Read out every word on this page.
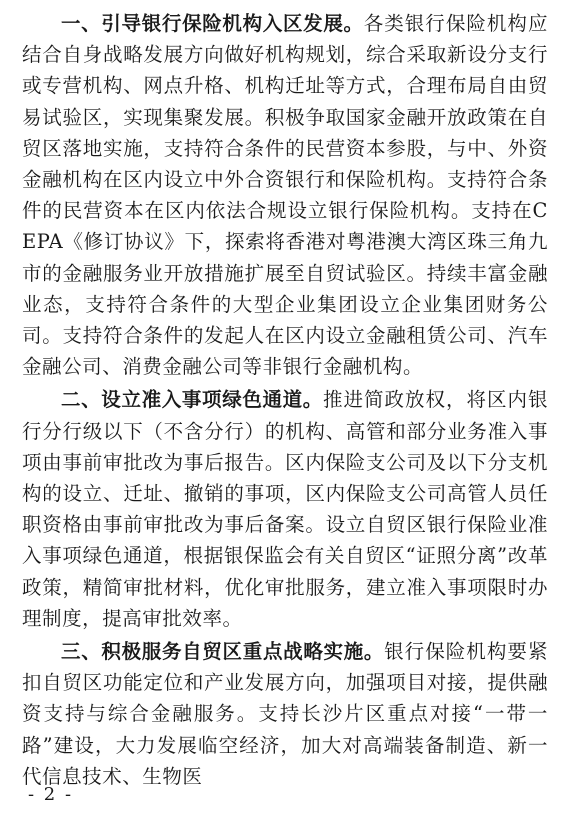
一、引导银行保险机构入区发展。各类银行保险机构应结合自身战略发展方向做好机构规划，综合采取新设分支行或专营机构、网点升格、机构迁址等方式，合理布局自由贸易试验区，实现集聚发展。积极争取国家金融开放政策在自贸区落地实施，支持符合条件的民营资本参股，与中、外资金融机构在区内设立中外合资银行和保险机构。支持符合条件的民营资本在区内依法合规设立银行保险机构。支持在CEPA《修订协议》下，探索将香港对粤港澳大湾区珠三角九市的金融服务业开放措施扩展至自贸试验区。持续丰富金融业态，支持符合条件的大型企业集团设立企业集团财务公司。支持符合条件的发起人在区内设立金融租赁公司、汽车金融公司、消费金融公司等非银行金融机构。

二、设立准入事项绿色通道。推进简政放权，将区内银行分行级以下（不含分行）的机构、高管和部分业务准入事项由事前审批改为事后报告。区内保险支公司及以下分支机构的设立、迁址、撤销的事项，区内保险支公司高管人员任职资格由事前审批改为事后备案。设立自贸区银行保险业准入事项绿色通道，根据银保监会有关自贸区“证照分离”改革政策，精简审批材料，优化审批服务，建立准入事项限时办理制度，提高审批效率。

三、积极服务自贸区重点战略实施。银行保险机构要紧扣自贸区功能定位和产业发展方向，加强项目对接，提供融资支持与综合金融服务。支持长沙片区重点对接“一带一路”建设，大力发展临空经济，加大对高端装备制造、新一代信息技术、生物医

- 2 -
